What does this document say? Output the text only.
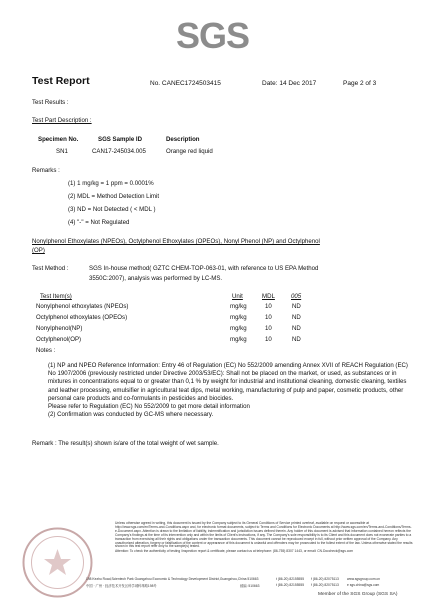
SGS
Test Report	No. CANEC1724503415	Date: 14 Dec 2017	Page 2 of 3
Test Results :
Test Part Description :
Specimen No.	SGS Sample ID	Description
SN1	CAN17-245034.005	Orange red liquid
Remarks :
(1) 1 mg/kg = 1 ppm = 0.0001%
(2) MDL = Method Detection Limit
(3) ND = Not Detected ( < MDL )
(4) "-" = Not Regulated
Nonylphenol Ethoxylates (NPEOs), Octylphenol Ethoxylates (OPEOs), Nonyl Phenol (NP) and Octylphenol
(OP)
Test Method :	SGS In-house method( GZTC CHEM-TOP-063-01, with reference to US EPA Method
3550C:2007), analysis was performed by LC-MS.
Test Item(s)	Unit	MDL	005
Nonylphenol ethoxylates (NPEOs)	mg/kg	10	ND
Octylphenol ethoxylates (OPEOs)	mg/kg	10	ND
Nonylphenol(NP)	mg/kg	10	ND
Octylphenol(OP)	mg/kg	10	ND
Notes :

(1) NP and NPEO Reference Information: Entry 46 of Regulation (EC) No 552/2009 amending Annex XVII of REACH Regulation (EC) No 1907/2006 (previously restricted under Directive 2003/53/EC): Shall not be placed on the market, or used, as substances or in mixtures in concentrations equal to or greater than 0,1 % by weight for industrial and institutional cleaning, domestic cleaning, textiles and leather processing, emulsifier in agricultural teat dips, metal working, manufacturing of pulp and paper, cosmetic products, other personal care products and co-formulants in pesticides and biocides.

Please refer to Regulation (EC) No 552/2009 to get more detail information

(2) Confirmation was conducted by GC-MS where necessary.

Remark : The result(s) shown is/are of the total weight of wet sample.
Unless otherwise agreed in writing, this document is issued by the Company subject to its General Conditions of Service printed overleaf, available on request or accessible at http://www.sgs.com/en/Terms-and-Conditions.aspx and, for electronic format documents, subject to Terms and Conditions for Electronic Documents at http://www.sgs.com/en/Terms-and-Conditions/Terms-e-Document.aspx. Attention is drawn to the limitation of liability, indemnification and jurisdiction issues defined therein. Any holder of this document is advised that information contained hereon reflects the Company's findings at the time of its intervention only and within the limits of Client's instructions, if any. The Company's sole responsibility is to its Client and this document does not exonerate parties to a transaction from exercising all their rights and obligations under the transaction documents. This document cannot be reproduced except in full, without prior written approval of the Company. Any unauthorized alteration, forgery or falsification of the content or appearance of this document is unlawful and offenders may be prosecuted to the fullest extent of the law. Unless otherwise stated the results shown in this test report refer only to the sample(s) tested.
Attention: To check the authenticity of testing /inspection report & certificate, please contact us at telephone: (86-755) 8307 1443, or email: CN.Doccheck@sgs.com
198 Kezhu Road,Scientech Park Guangzhou Economic & Technology Development District,Guangzhou,China 510663	t (86-20) 82155555 f (86-20) 82075113 www.sgsgroup.com.cn
中国 · 广州 · 经济技术开发区科学城科珠路198号	邮编: 510663	t (86-20) 82155555 f (86-20) 82075113 e sgs.china@sgs.com
Member of the SGS Group (SGS SA)
